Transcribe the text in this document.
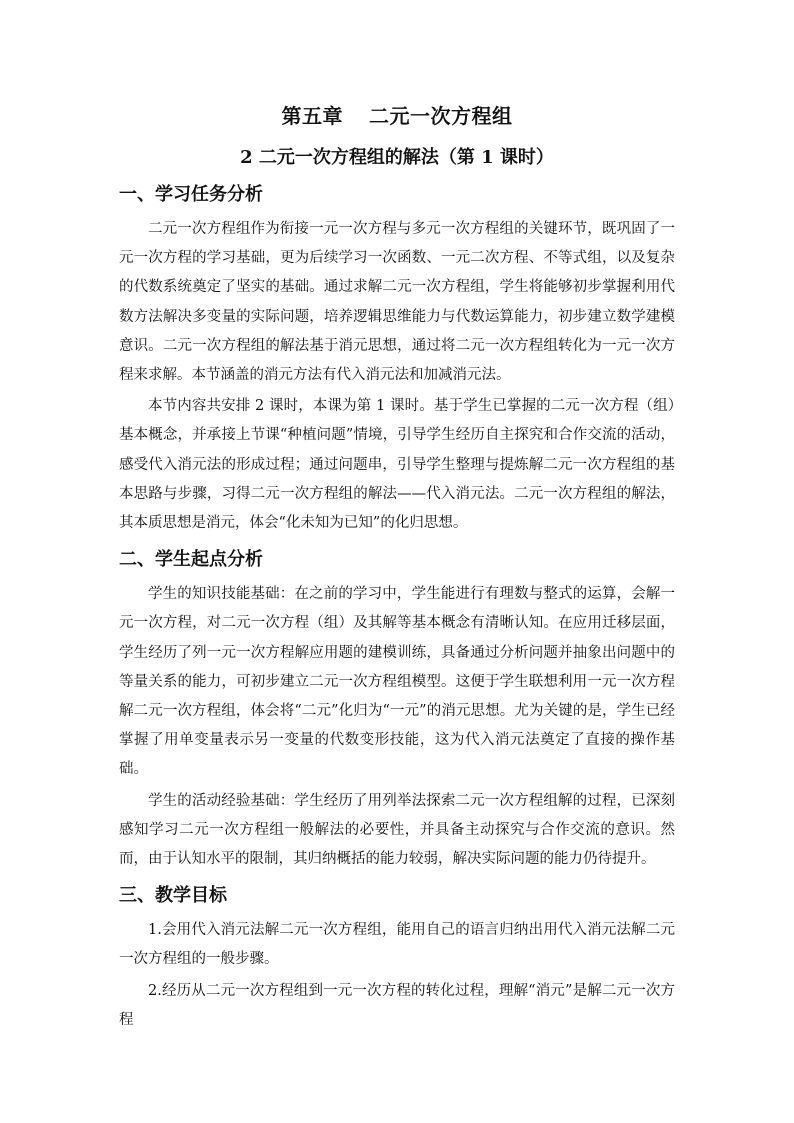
第五章 二元一次方程组
2 二元一次方程组的解法（第 1 课时）
一、学习任务分析

二元一次方程组作为衔接一元一次方程与多元一次方程组的关键环节，既巩固了一元一次方程的学习基础，更为后续学习一次函数、一元二次方程、不等式组，以及复杂的代数系统奠定了坚实的基础。通过求解二元一次方程组，学生将能够初步掌握利用代数方法解决多变量的实际问题，培养逻辑思维能力与代数运算能力，初步建立数学建模意识。二元一次方程组的解法基于消元思想，通过将二元一次方程组转化为一元一次方程来求解。本节涵盖的消元方法有代入消元法和加减消元法。

本节内容共安排 2 课时，本课为第 1 课时。基于学生已掌握的二元一次方程（组）基本概念，并承接上节课“种植问题”情境，引导学生经历自主探究和合作交流的活动，感受代入消元法的形成过程；通过问题串，引导学生整理与提炼解二元一次方程组的基本思路与步骤，习得二元一次方程组的解法——代入消元法。二元一次方程组的解法，其本质思想是消元，体会“化未知为已知”的化归思想。

二、学生起点分析

学生的知识技能基础：在之前的学习中，学生能进行有理数与整式的运算，会解一元一次方程，对二元一次方程（组）及其解等基本概念有清晰认知。在应用迁移层面，学生经历了列一元一次方程解应用题的建模训练，具备通过分析问题并抽象出问题中的等量关系的能力，可初步建立二元一次方程组模型。这便于学生联想利用一元一次方程解二元一次方程组，体会将“二元”化归为“一元”的消元思想。尤为关键的是，学生已经掌握了用单变量表示另一变量的代数变形技能，这为代入消元法奠定了直接的操作基础。

学生的活动经验基础：学生经历了用列举法探索二元一次方程组解的过程，已深刻感知学习二元一次方程组一般解法的必要性，并具备主动探究与合作交流的意识。然而，由于认知水平的限制，其归纳概括的能力较弱，解决实际问题的能力仍待提升。

三、教学目标

1.会用代入消元法解二元一次方程组，能用自己的语言归纳出用代入消元法解二元一次方程组的一般步骤。

2.经历从二元一次方程组到一元一次方程的转化过程，理解“消元”是解二元一次方程
